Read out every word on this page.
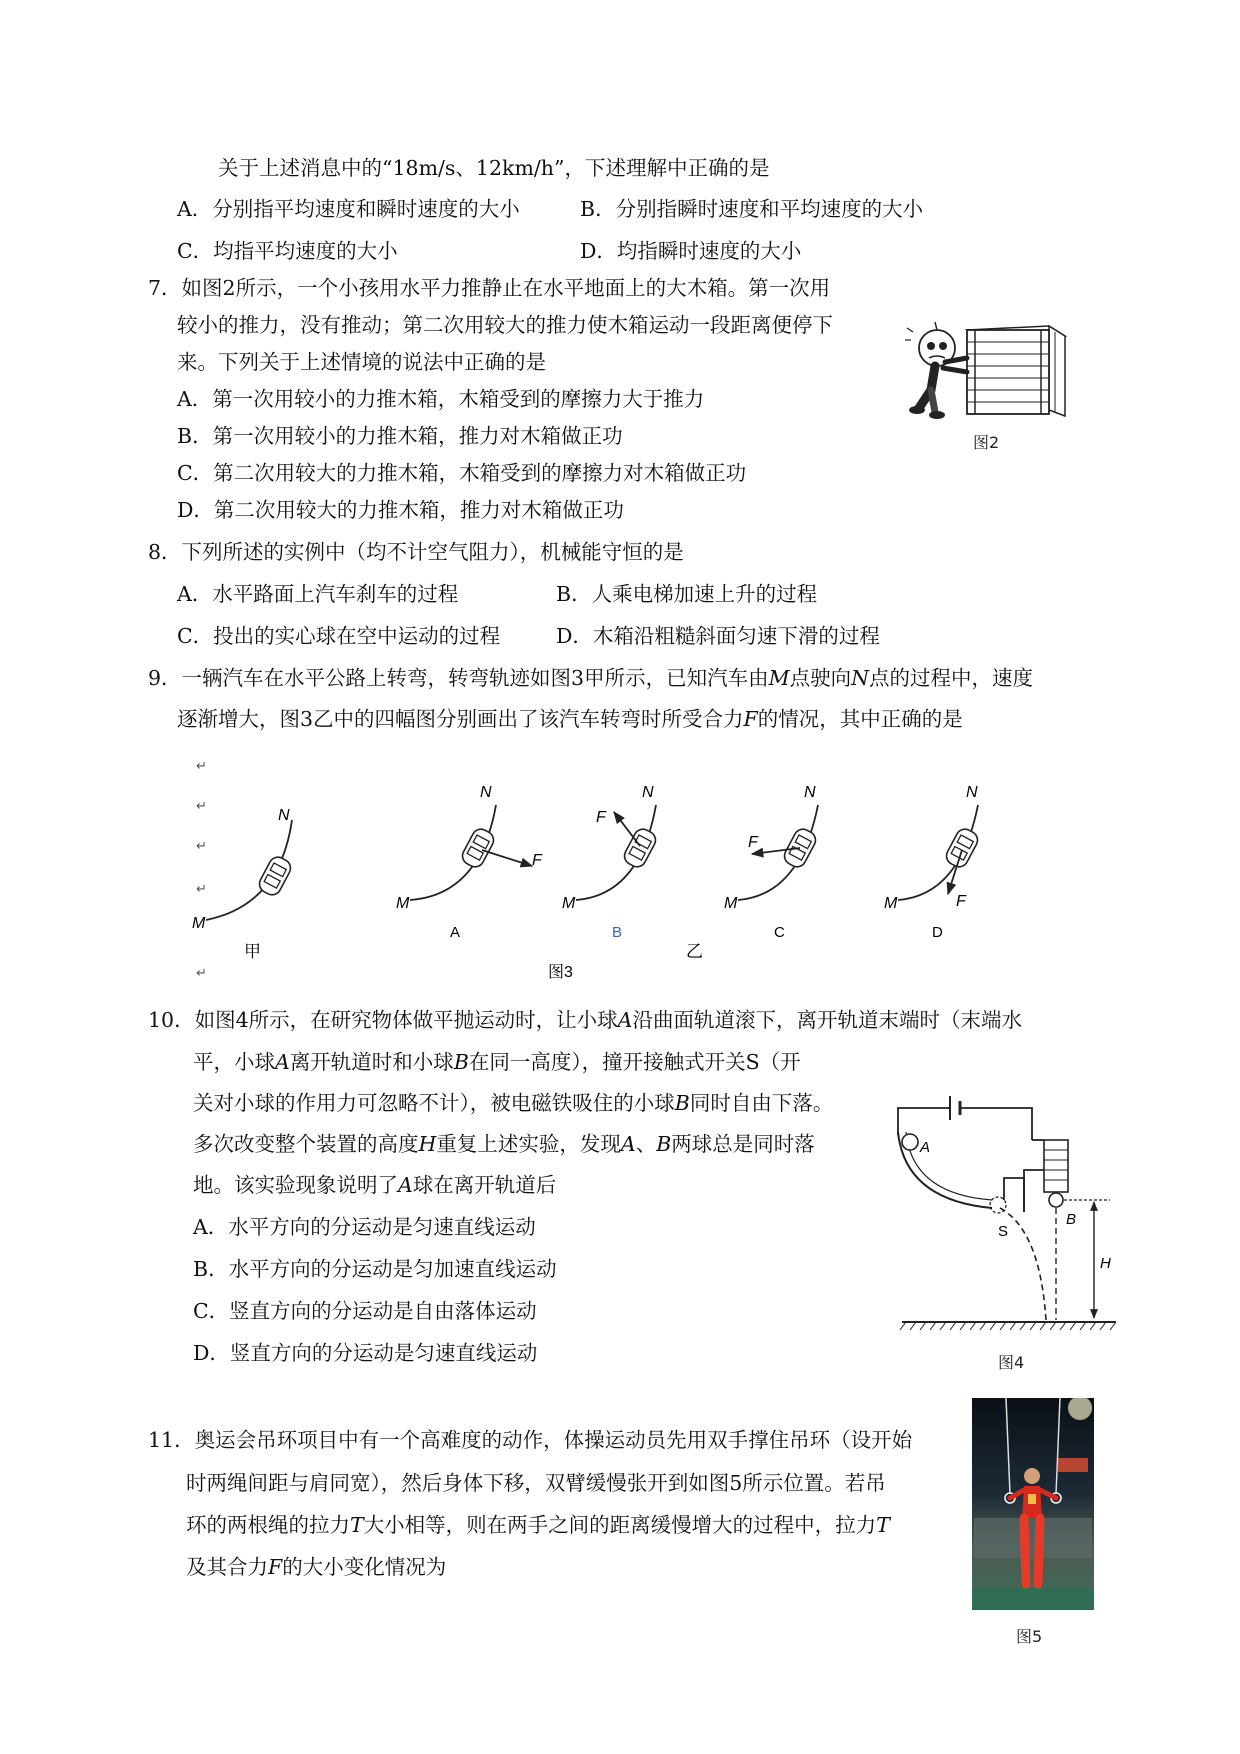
关于上述消息中的“18m/s、12km/h”，下述理解中正确的是
A．分别指平均速度和瞬时速度的大小	B．分别指瞬时速度和平均速度的大小
C．均指平均速度的大小	D．均指瞬时速度的大小
7．如图2所示，一个小孩用水平力推静止在水平地面上的大木箱。第一次用
较小的推力，没有推动；第二次用较大的推力使木箱运动一段距离便停下
来。下列关于上述情境的说法中正确的是
A．第一次用较小的力推木箱，木箱受到的摩擦力大于推力
B．第一次用较小的力推木箱，推力对木箱做正功
C．第二次用较大的力推木箱，木箱受到的摩擦力对木箱做正功
D．第二次用较大的力推木箱，推力对木箱做正功
图2
8．下列所述的实例中（均不计空气阻力），机械能守恒的是
A．水平路面上汽车刹车的过程	B．人乘电梯加速上升的过程
C．投出的实心球在空中运动的过程	D．木箱沿粗糙斜面匀速下滑的过程
9．一辆汽车在水平公路上转弯，转弯轨迹如图3甲所示，已知汽车由M点驶向N点的过程中，速度
逐渐增大，图3乙中的四幅图分别画出了该汽车转弯时所受合力F的情况，其中正确的是
↵
↵
↵
↵
↵
N
M
甲
N
M
F
A
N
M
F
B
N
M
F
C
N
M	F
D
乙
图3
A
B
S
H
图4
10．如图4所示，在研究物体做平抛运动时，让小球A沿曲面轨道滚下，离开轨道末端时（末端水
平，小球A离开轨道时和小球B在同一高度），撞开接触式开关S（开
关对小球的作用力可忽略不计），被电磁铁吸住的小球B同时自由下落。
多次改变整个装置的高度H重复上述实验，发现A、B两球总是同时落
地。该实验现象说明了A球在离开轨道后
A．水平方向的分运动是匀速直线运动
B．水平方向的分运动是匀加速直线运动
C．竖直方向的分运动是自由落体运动
D．竖直方向的分运动是匀速直线运动
11．奥运会吊环项目中有一个高难度的动作，体操运动员先用双手撑住吊环（设开始
时两绳间距与肩同宽），然后身体下移，双臂缓慢张开到如图5所示位置。若吊
环的两根绳的拉力T大小相等，则在两手之间的距离缓慢增大的过程中，拉力T
及其合力F的大小变化情况为
图5
